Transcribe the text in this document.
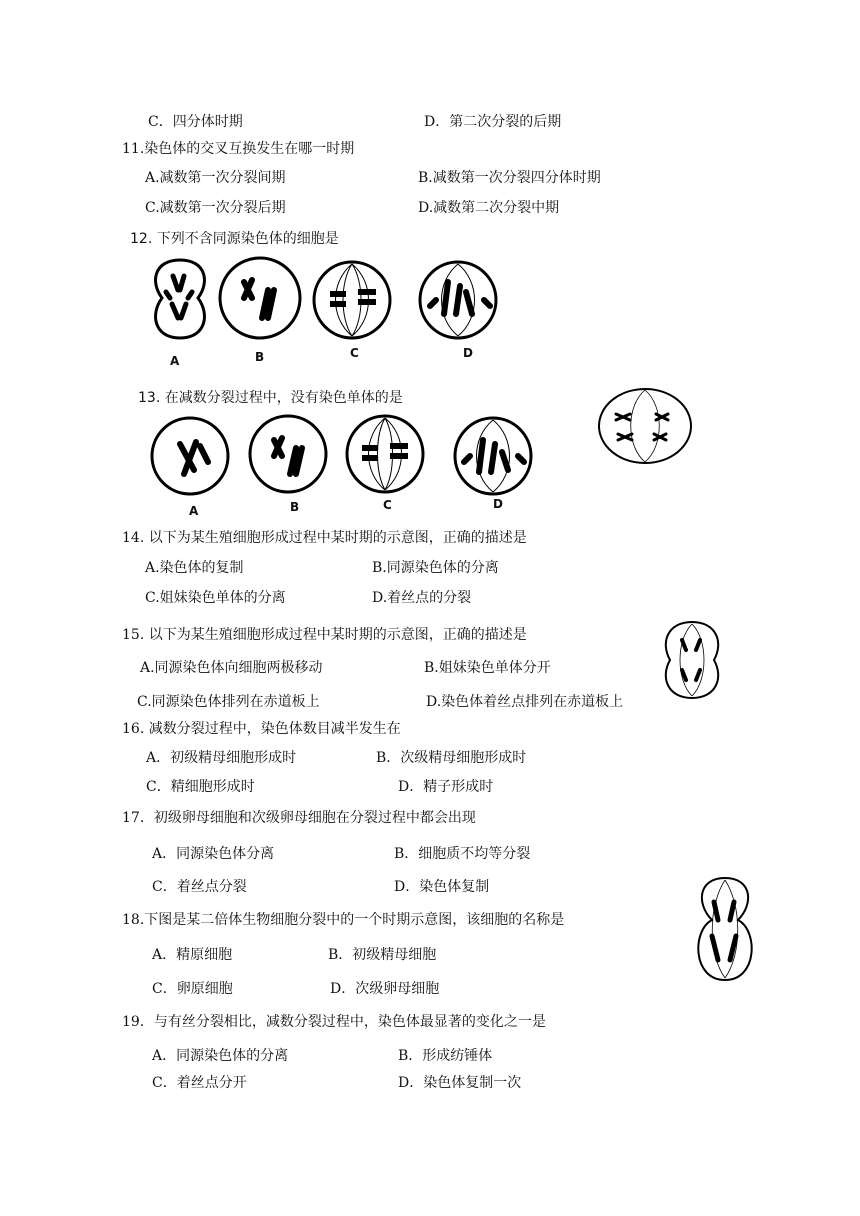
C．四分体时期	D．第二次分裂的后期
11.染色体的交叉互换发生在哪一时期
A.减数第一次分裂间期	B.减数第一次分裂四分体时期
C.减数第一次分裂后期	D.减数第二次分裂中期
12. 下列不含同源染色体的细胞是
A	B	C	D
13. 在减数分裂过程中，没有染色单体的是
A	B	C	D
14. 以下为某生殖细胞形成过程中某时期的示意图，正确的描述是
A.染色体的复制	B.同源染色体的分离
C.姐妹染色单体的分离	D.着丝点的分裂
15. 以下为某生殖细胞形成过程中某时期的示意图，正确的描述是
A.同源染色体向细胞两极移动	B.姐妹染色单体分开
C.同源染色体排列在赤道板上	D.染色体着丝点排列在赤道板上
16. 减数分裂过程中，染色体数目减半发生在
A．初级精母细胞形成时	B．次级精母细胞形成时
C．精细胞形成时	D．精子形成时
17．初级卵母细胞和次级卵母细胞在分裂过程中都会出现
A．同源染色体分离	B．细胞质不均等分裂
C．着丝点分裂	D．染色体复制
18.下图是某二倍体生物细胞分裂中的一个时期示意图，该细胞的名称是
A．精原细胞	B．初级精母细胞
C．卵原细胞	D．次级卵母细胞
19．与有丝分裂相比，减数分裂过程中，染色体最显著的变化之一是
A．同源染色体的分离	B．形成纺锤体
C．着丝点分开	D．染色体复制一次
